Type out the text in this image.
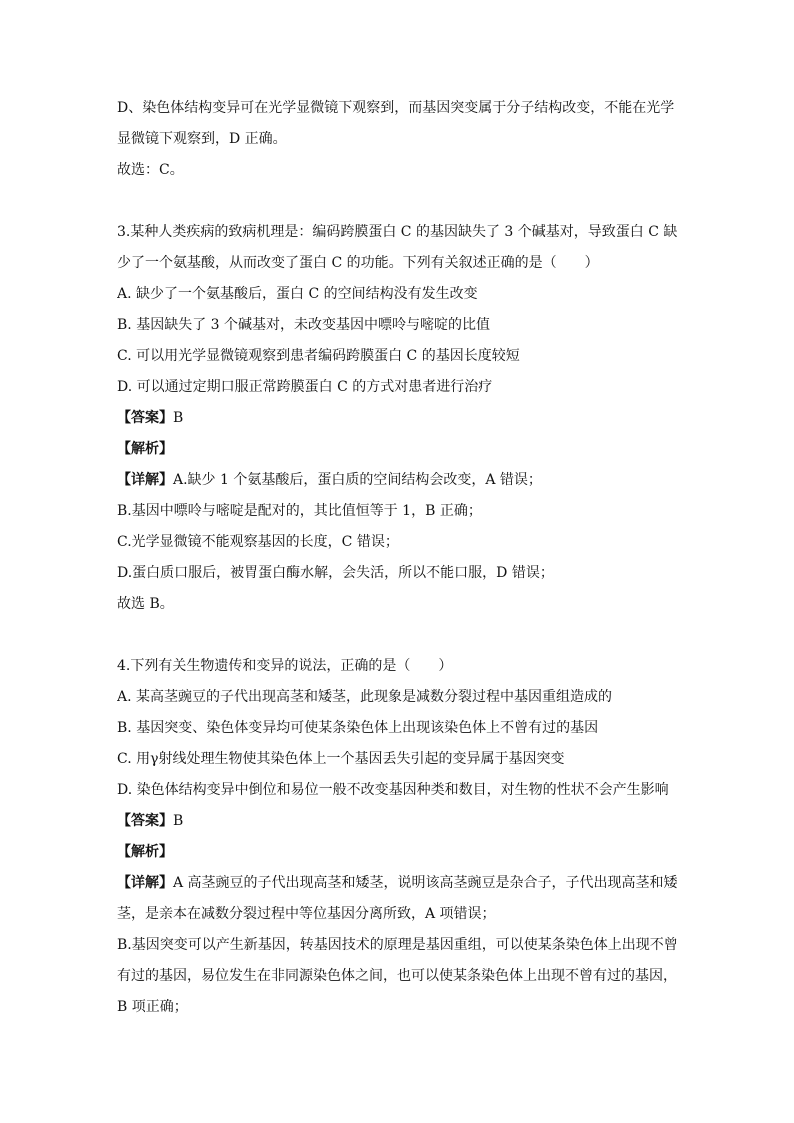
D、染色体结构变异可在光学显微镜下观察到，而基因突变属于分子结构改变，不能在光学
显微镜下观察到，D 正确。
故选：C。
3.某种人类疾病的致病机理是：编码跨膜蛋白 C 的基因缺失了 3 个碱基对，导致蛋白 C 缺
少了一个氨基酸，从而改变了蛋白 C 的功能。下列有关叙述正确的是（　　）
A. 缺少了一个氨基酸后，蛋白 C 的空间结构没有发生改变
B. 基因缺失了 3 个碱基对，未改变基因中嘌呤与嘧啶的比值
C. 可以用光学显微镜观察到患者编码跨膜蛋白 C 的基因长度较短
D. 可以通过定期口服正常跨膜蛋白 C 的方式对患者进行治疗
【答案】B
【解析】
【详解】A.缺少 1 个氨基酸后，蛋白质的空间结构会改变，A 错误；
B.基因中嘌呤与嘧啶是配对的，其比值恒等于 1，B 正确；
C.光学显微镜不能观察基因的长度，C 错误；
D.蛋白质口服后，被胃蛋白酶水解，会失活，所以不能口服，D 错误；
故选 B。
4.下列有关生物遗传和变异的说法，正确的是（　　）
A. 某高茎豌豆的子代出现高茎和矮茎，此现象是减数分裂过程中基因重组造成的
B. 基因突变、染色体变异均可使某条染色体上出现该染色体上不曾有过的基因
C. 用γ射线处理生物使其染色体上一个基因丢失引起的变异属于基因突变
D. 染色体结构变异中倒位和易位一般不改变基因种类和数目，对生物的性状不会产生影响
【答案】B
【解析】
【详解】A 高茎豌豆的子代出现高茎和矮茎，说明该高茎豌豆是杂合子，子代出现高茎和矮
茎，是亲本在减数分裂过程中等位基因分离所致，A 项错误；
B.基因突变可以产生新基因，转基因技术的原理是基因重组，可以使某条染色体上出现不曾
有过的基因，易位发生在非同源染色体之间，也可以使某条染色体上出现不曾有过的基因，
B 项正确；
